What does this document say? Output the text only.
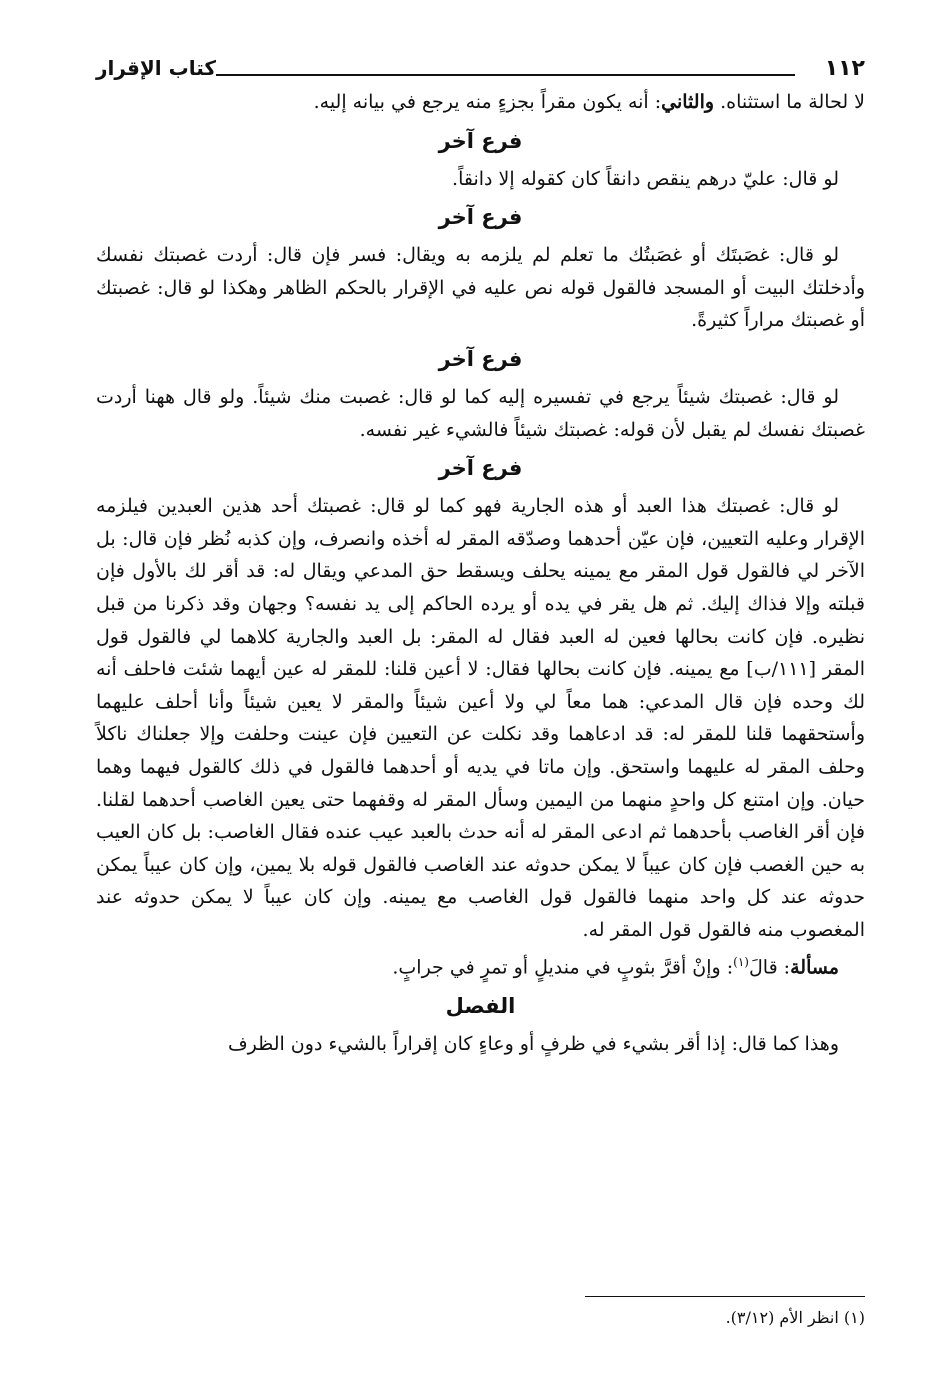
١١٢
كتاب الإقرار

لا لحالة ما استثناه. والثاني: أنه يكون مقراً بجزءٍ منه يرجع في بيانه إليه.

فرع آخر

لو قال: عليّ درهم ينقص دانقاً كان كقوله إلا دانقاً.

فرع آخر

لو قال: غصَبتَك أو غصَبتُك ما تعلم لم يلزمه به ويقال: فسر فإن قال: أردت غصبتك نفسك وأدخلتك البيت أو المسجد فالقول قوله نص عليه في الإقرار بالحكم الظاهر وهكذا لو قال: غصبتك أو غصبتك مراراً كثيرةً.

فرع آخر

لو قال: غصبتك شيئاً يرجع في تفسيره إليه كما لو قال: غصبت منك شيئاً. ولو قال ههنا أردت غصبتك نفسك لم يقبل لأن قوله: غصبتك شيئاً فالشيء غير نفسه.

فرع آخر

لو قال: غصبتك هذا العبد أو هذه الجارية فهو كما لو قال: غصبتك أحد هذين العبدين فيلزمه الإقرار وعليه التعيين، فإن عيّن أحدهما وصدّقه المقر له أخذه وانصرف، وإن كذبه نُظر فإن قال: بل الآخر لي فالقول قول المقر مع يمينه يحلف ويسقط حق المدعي ويقال له: قد أقر لك بالأول فإن قبلته وإلا فذاك إليك. ثم هل يقر في يده أو يرده الحاكم إلى يد نفسه؟ وجهان وقد ذكرنا من قبل نظيره. فإن كانت بحالها فعين له العبد فقال له المقر: بل العبد والجارية كلاهما لي فالقول قول المقر [١١١/ب] مع يمينه. فإن كانت بحالها فقال: لا أعين قلنا: للمقر له عين أيهما شئت فاحلف أنه لك وحده فإن قال المدعي: هما معاً لي ولا أعين شيئاً والمقر لا يعين شيئاً وأنا أحلف عليهما وأستحقهما قلنا للمقر له: قد ادعاهما وقد نكلت عن التعيين فإن عينت وحلفت وإلا جعلناك ناكلاً وحلف المقر له عليهما واستحق. وإن ماتا في يديه أو أحدهما فالقول في ذلك كالقول فيهما وهما حيان. وإن امتنع كل واحدٍ منهما من اليمين وسأل المقر له وقفهما حتى يعين الغاصب أحدهما لقلنا. فإن أقر الغاصب بأحدهما ثم ادعى المقر له أنه حدث بالعبد عيب عنده فقال الغاصب: بل كان العيب به حين الغصب فإن كان عيباً لا يمكن حدوثه عند الغاصب فالقول قوله بلا يمين، وإن كان عيباً يمكن حدوثه عند كل واحد منهما فالقول قول الغاصب مع يمينه. وإن كان عيباً لا يمكن حدوثه عند المغصوب منه فالقول قول المقر له.

مسألة: قالَ$^{(١)}$: وإنْ أقرَّ بثوبٍ في منديلٍ أو تمرٍ في جرابٍ.

الفصل

وهذا كما قال: إذا أقر بشيء في ظرفٍ أو وعاءٍ كان إقراراً بالشيء دون الظرف

(١) انظر الأم (٣/١٢).
